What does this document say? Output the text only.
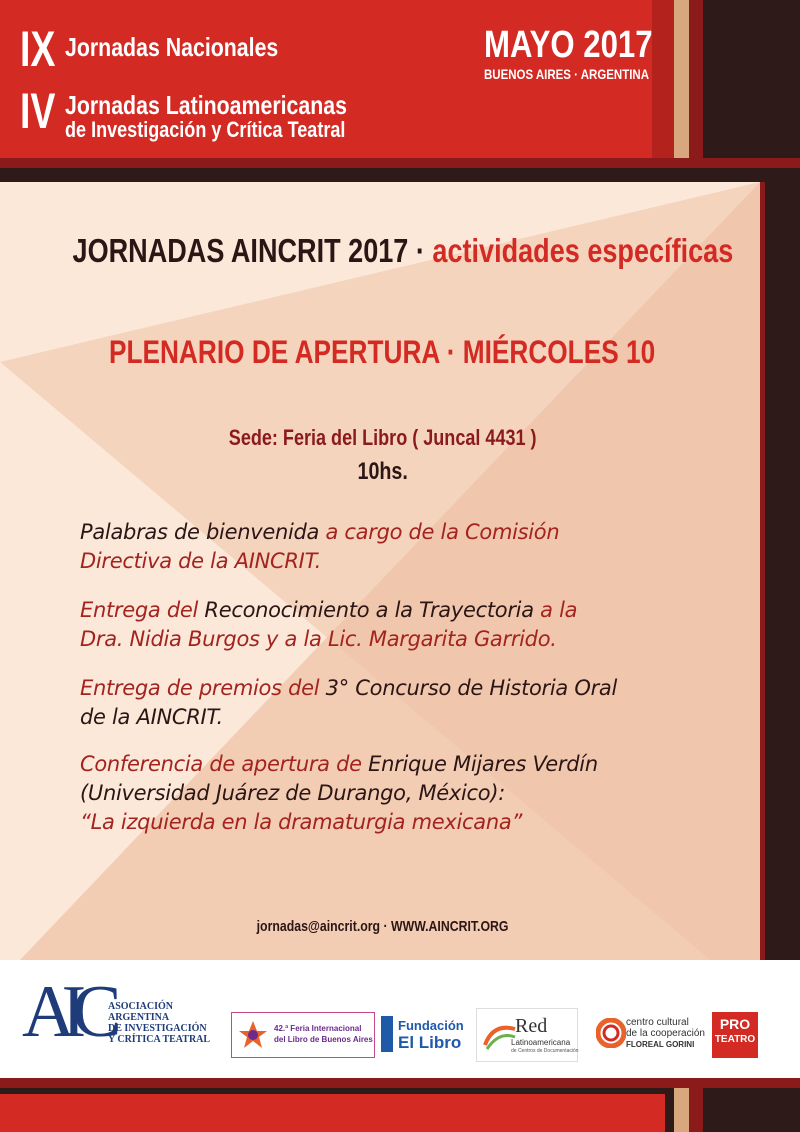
IX Jornadas Nacionales
IV Jornadas Latinoamericanas
de Investigación y Crítica Teatral
MAYO 2017
BUENOS AIRES · ARGENTINA
JORNADAS AINCRIT 2017 · actividades específicas
PLENARIO DE APERTURA · MIÉRCOLES 10
Sede: Feria del Libro ( Juncal 4431 )
10hs.
Palabras de bienvenida a cargo de la Comisión
Directiva de la AINCRIT.
Entrega del Reconocimiento a la Trayectoria a la
Dra. Nidia Burgos y a la Lic. Margarita Garrido.
Entrega de premios del 3° Concurso de Historia Oral
de la AINCRIT.
Conferencia de apertura de Enrique Mijares Verdín
(Universidad Juárez de Durango, México):
“La izquierda en la dramaturgia mexicana”
jornadas@aincrit.org · WWW.AINCRIT.ORG
AIC ASOCIACIÓN
ARGENTINA
DE INVESTIGACIÓN
Y CRÍTICA TEATRAL
42.ª Feria Internacional
del Libro de Buenos Aires
Fundación
El Libro
Red
Latinoamericana
de Centros de Documentación
centro cultural
de la cooperación
FLOREAL GORINI
PRO
TEATRO
